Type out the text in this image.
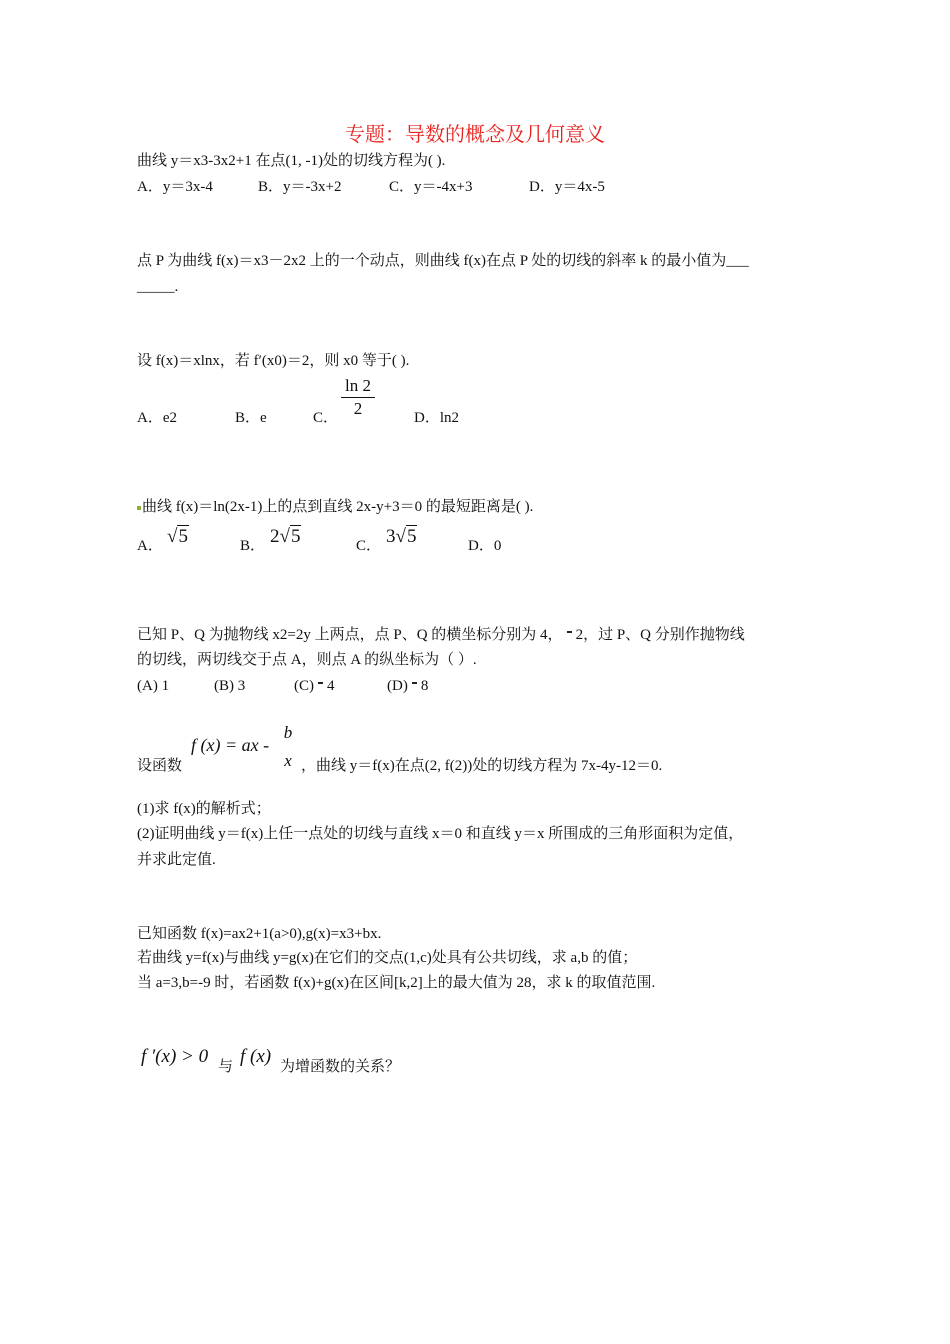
专题：导数的概念及几何意义
曲线 y＝x3-3x2+1 在点(1, -1)处的切线方程为( ).
A．y＝3x-4	B．y＝-3x+2	C．y＝-4x+3	D．y＝4x-5
点 P 为曲线 f(x)＝x3－2x2 上的一个动点，则曲线 f(x)在点 P 处的切线的斜率 k 的最小值为___
_____.
设 f(x)＝xlnx，若 f′(x0)＝2，则 x0 等于( ).
A．e2	B．e	C． $\frac{\ln 2}{2}$	D．ln2
曲线 f(x)＝ln(2x-1)上的点到直线 2x-y+3＝0 的最短距离是( ).
A． √5	B． 2√5	C． 3√5	D．0
已知 P、Q 为抛物线 x2=2y 上两点，点 P、Q 的横坐标分别为 4， 2，过 P、Q 分别作抛物线
的切线，两切线交于点 A，则点 A 的纵坐标为（ ）.
(A) 1	(B) 3	(C) 4	(D) 8
设函数
f (x) = ax -
b
x ，曲线 y＝f(x)在点(2, f(2))处的切线方程为 7x-4y-12＝0.
(1)求 f(x)的解析式；
(2)证明曲线 y＝f(x)上任一点处的切线与直线 x＝0 和直线 y＝x 所围成的三角形面积为定值，
并求此定值.
已知函数 f(x)=ax2+1(a>0),g(x)=x3+bx.
若曲线 y=f(x)与曲线 y=g(x)在它们的交点(1,c)处具有公共切线，求 a,b 的值；
当 a=3,b=-9 时，若函数 f(x)+g(x)在区间[k,2]上的最大值为 28，求 k 的取值范围.
f ′(x) > 0 与 f (x) 为增函数的关系？
